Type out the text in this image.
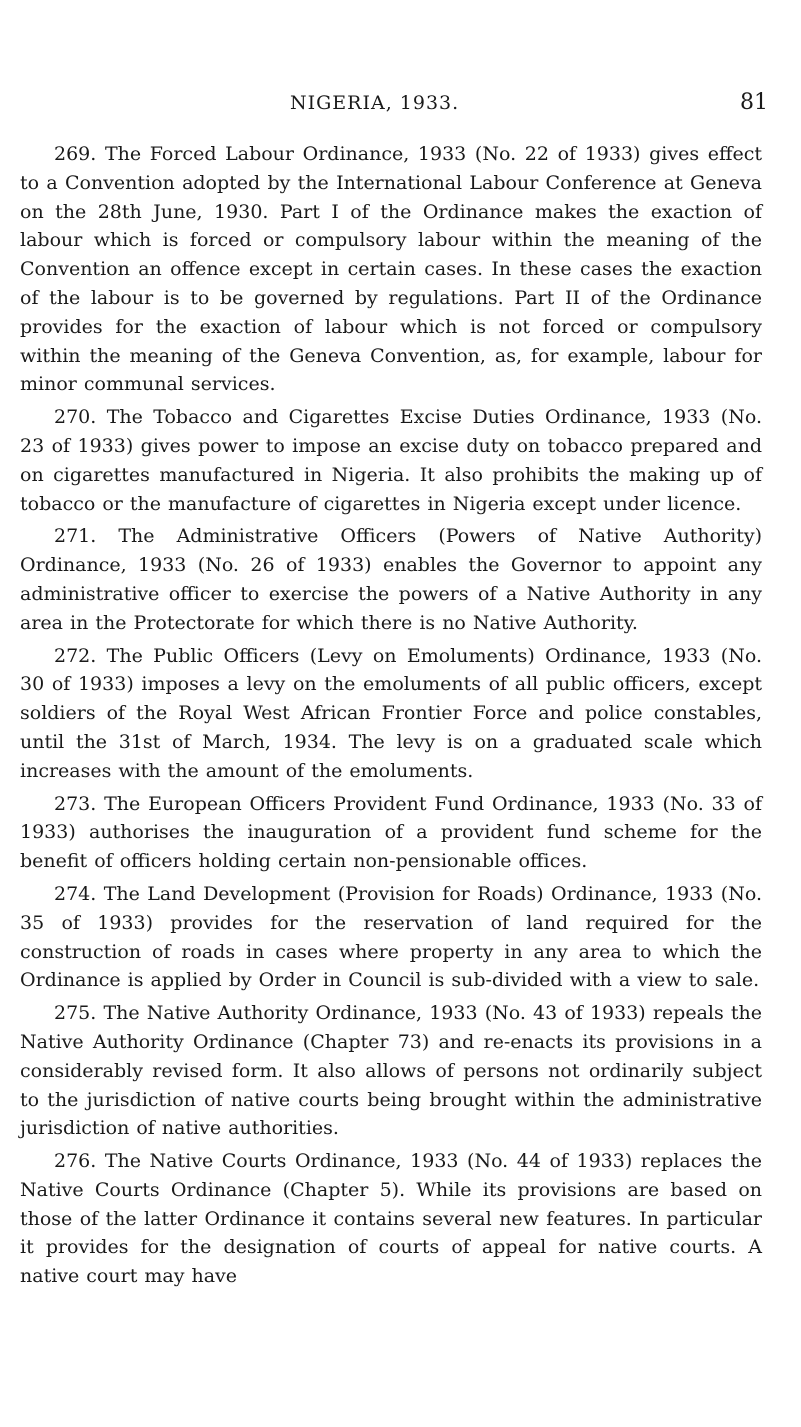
NIGERIA, 1933.	81

269. The Forced Labour Ordinance, 1933 (No. 22 of 1933) gives effect to a Convention adopted by the International Labour Conference at Geneva on the 28th June, 1930. Part I of the Ordinance makes the exaction of labour which is forced or compulsory labour within the meaning of the Convention an offence except in certain cases. In these cases the exaction of the labour is to be governed by regulations. Part II of the Ordinance provides for the exaction of labour which is not forced or compulsory within the meaning of the Geneva Convention, as, for example, labour for minor communal services.

270. The Tobacco and Cigarettes Excise Duties Ordinance, 1933 (No. 23 of 1933) gives power to impose an excise duty on tobacco prepared and on cigarettes manufactured in Nigeria. It also prohibits the making up of tobacco or the manufacture of cigarettes in Nigeria except under licence.

271. The Administrative Officers (Powers of Native Authority) Ordinance, 1933 (No. 26 of 1933) enables the Governor to appoint any administrative officer to exercise the powers of a Native Authority in any area in the Protectorate for which there is no Native Authority.

272. The Public Officers (Levy on Emoluments) Ordinance, 1933 (No. 30 of 1933) imposes a levy on the emoluments of all public officers, except soldiers of the Royal West African Frontier Force and police constables, until the 31st of March, 1934. The levy is on a graduated scale which increases with the amount of the emoluments.

273. The European Officers Provident Fund Ordinance, 1933 (No. 33 of 1933) authorises the inauguration of a provident fund scheme for the benefit of officers holding certain non-pensionable offices.

274. The Land Development (Provision for Roads) Ordinance, 1933 (No. 35 of 1933) provides for the reservation of land required for the construction of roads in cases where property in any area to which the Ordinance is applied by Order in Council is sub-divided with a view to sale.

275. The Native Authority Ordinance, 1933 (No. 43 of 1933) repeals the Native Authority Ordinance (Chapter 73) and re-enacts its provisions in a considerably revised form. It also allows of persons not ordinarily subject to the jurisdiction of native courts being brought within the administrative jurisdiction of native authorities.

276. The Native Courts Ordinance, 1933 (No. 44 of 1933) replaces the Native Courts Ordinance (Chapter 5). While its provisions are based on those of the latter Ordinance it contains several new features. In particular it provides for the designation of courts of appeal for native courts. A native court may have
